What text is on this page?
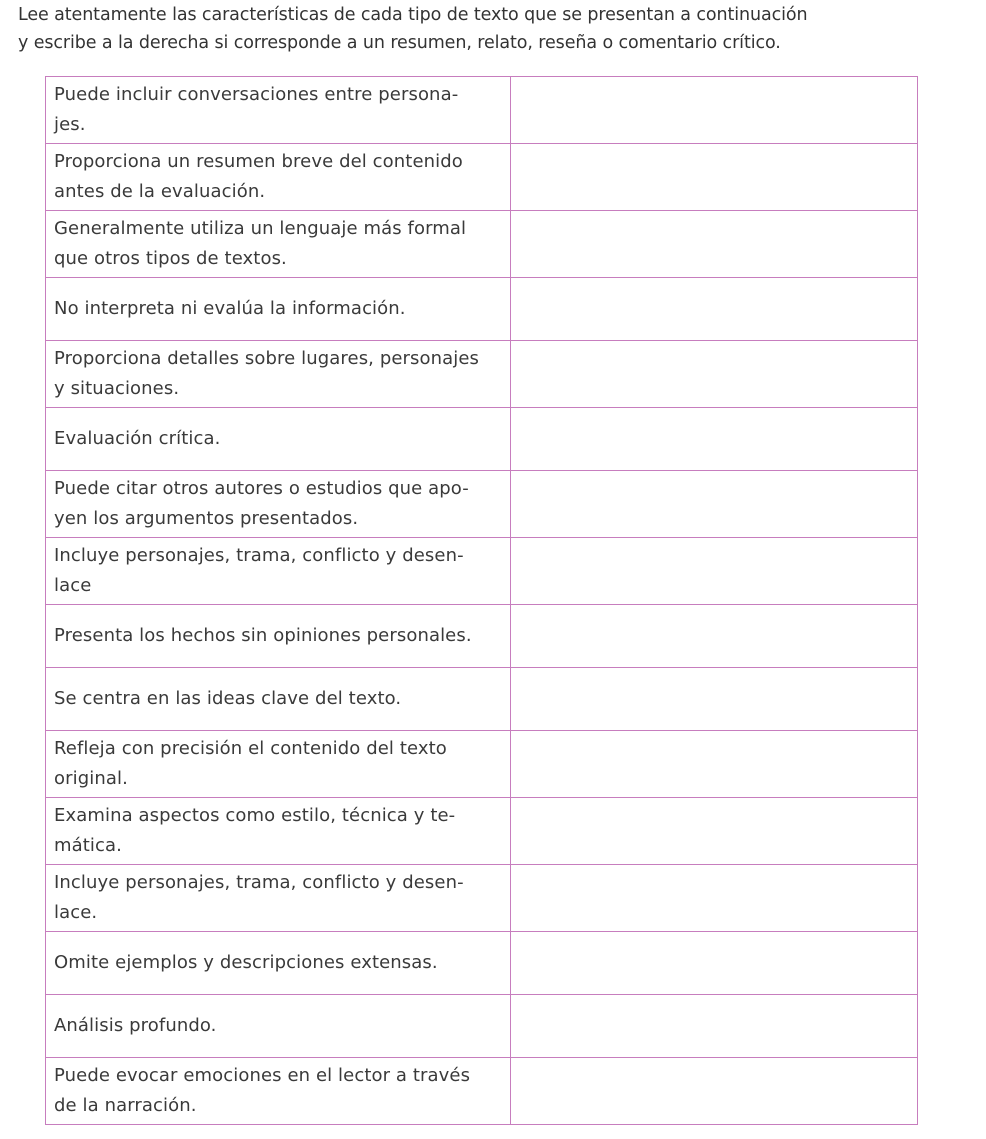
Lee atentamente las características de cada tipo de texto que se presentan a continuación

y escribe a la derecha si corresponde a un resumen, relato, reseña o comentario crítico.

Puede incluir conversaciones entre persona-
jes.	

Proporciona un resumen breve del contenido
antes de la evaluación.	

Generalmente utiliza un lenguaje más formal
que otros tipos de textos.	

No interpreta ni evalúa la información.	

Proporciona detalles sobre lugares, personajes
y situaciones.	

Evaluación crítica.	

Puede citar otros autores o estudios que apo-
yen los argumentos presentados.	

Incluye personajes, trama, conflicto y desen-
lace	

Presenta los hechos sin opiniones personales.	

Se centra en las ideas clave del texto.	

Refleja con precisión el contenido del texto
original.	

Examina aspectos como estilo, técnica y te-
mática.	

Incluye personajes, trama, conflicto y desen-
lace.	

Omite ejemplos y descripciones extensas.	

Análisis profundo.	

Puede evocar emociones en el lector a través
de la narración.	
